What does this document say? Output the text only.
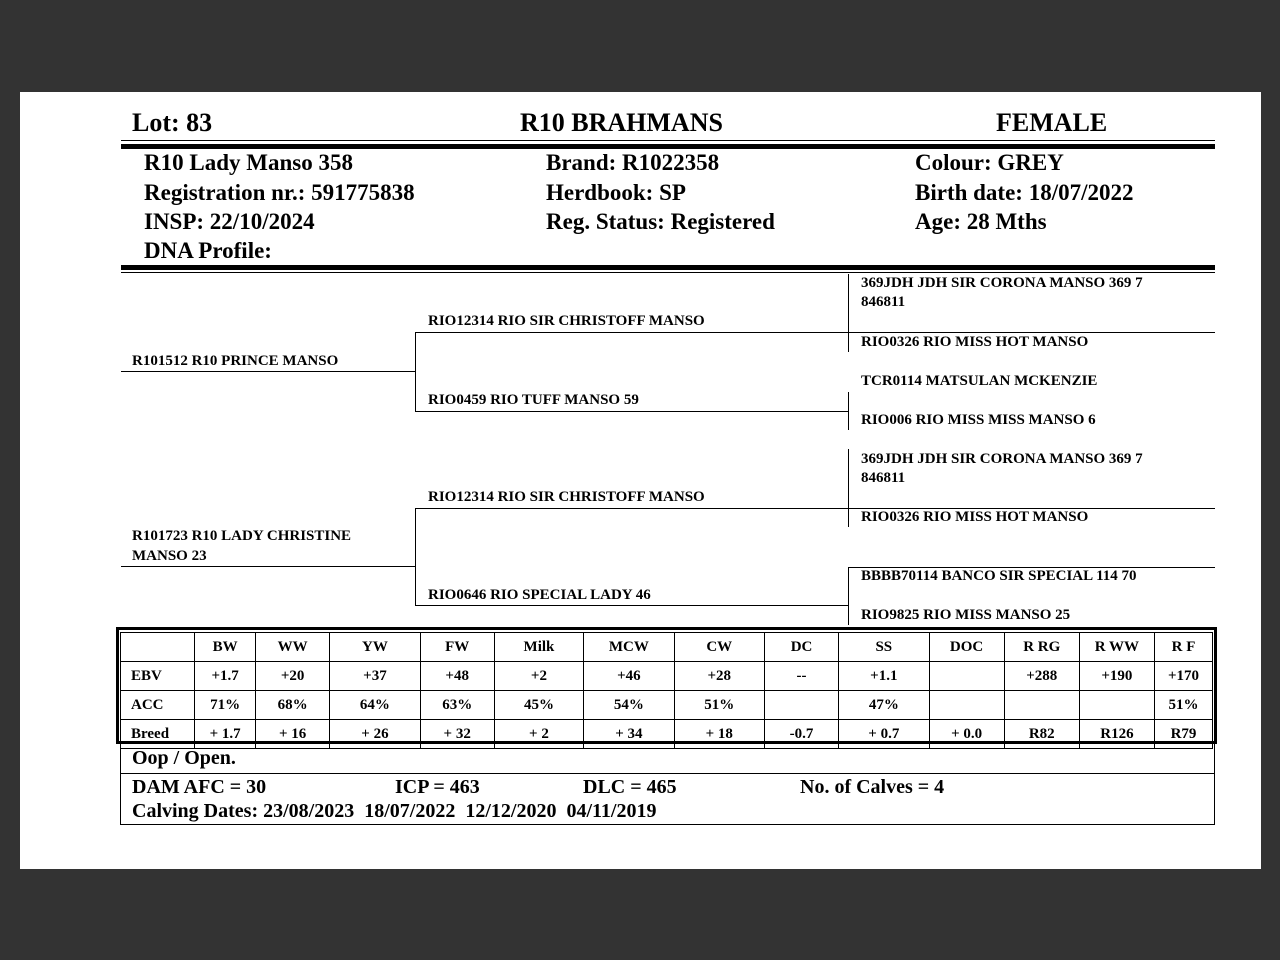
Lot: 83	R10 BRAHMANS	FEMALE
R10 Lady Manso 358
Registration nr.: 591775838
INSP: 22/10/2024
DNA Profile:
Brand: R1022358
Herdbook: SP
Reg. Status: Registered
Colour: GREY
Birth date: 18/07/2022
Age: 28 Mths
R101512 R10 PRINCE MANSO
R101723 R10 LADY CHRISTINE
MANSO 23
RIO12314 RIO SIR CHRISTOFF MANSO
RIO0459 RIO TUFF MANSO 59
RIO12314 RIO SIR CHRISTOFF MANSO
RIO0646 RIO SPECIAL LADY 46
369JDH JDH SIR CORONA MANSO 369 7
846811
RIO0326 RIO MISS HOT MANSO
TCR0114 MATSULAN MCKENZIE
RIO006 RIO MISS MISS MANSO 6
369JDH JDH SIR CORONA MANSO 369 7
846811
RIO0326 RIO MISS HOT MANSO
BBBB70114 BANCO SIR SPECIAL 114 70
RIO9825 RIO MISS MANSO 25
	BW	WW	YW	FW	Milk	MCW	CW	DC	SS	DOC	R RG	R WW	R F
EBV	+1.7	+20	+37	+48	+2	+46	+28	--	+1.1		+288	+190	+170
ACC	71%	68%	64%	63%	45%	54%	51%		47%				51%
Breed	+ 1.7	+ 16	+ 26	+ 32	+ 2	+ 34	+ 18	-0.7	+ 0.7	+ 0.0	R82	R126	R79
Oop / Open.
DAM AFC = 30	ICP = 463	DLC = 465	No. of Calves = 4
Calving Dates: 23/08/2023  18/07/2022  12/12/2020  04/11/2019
